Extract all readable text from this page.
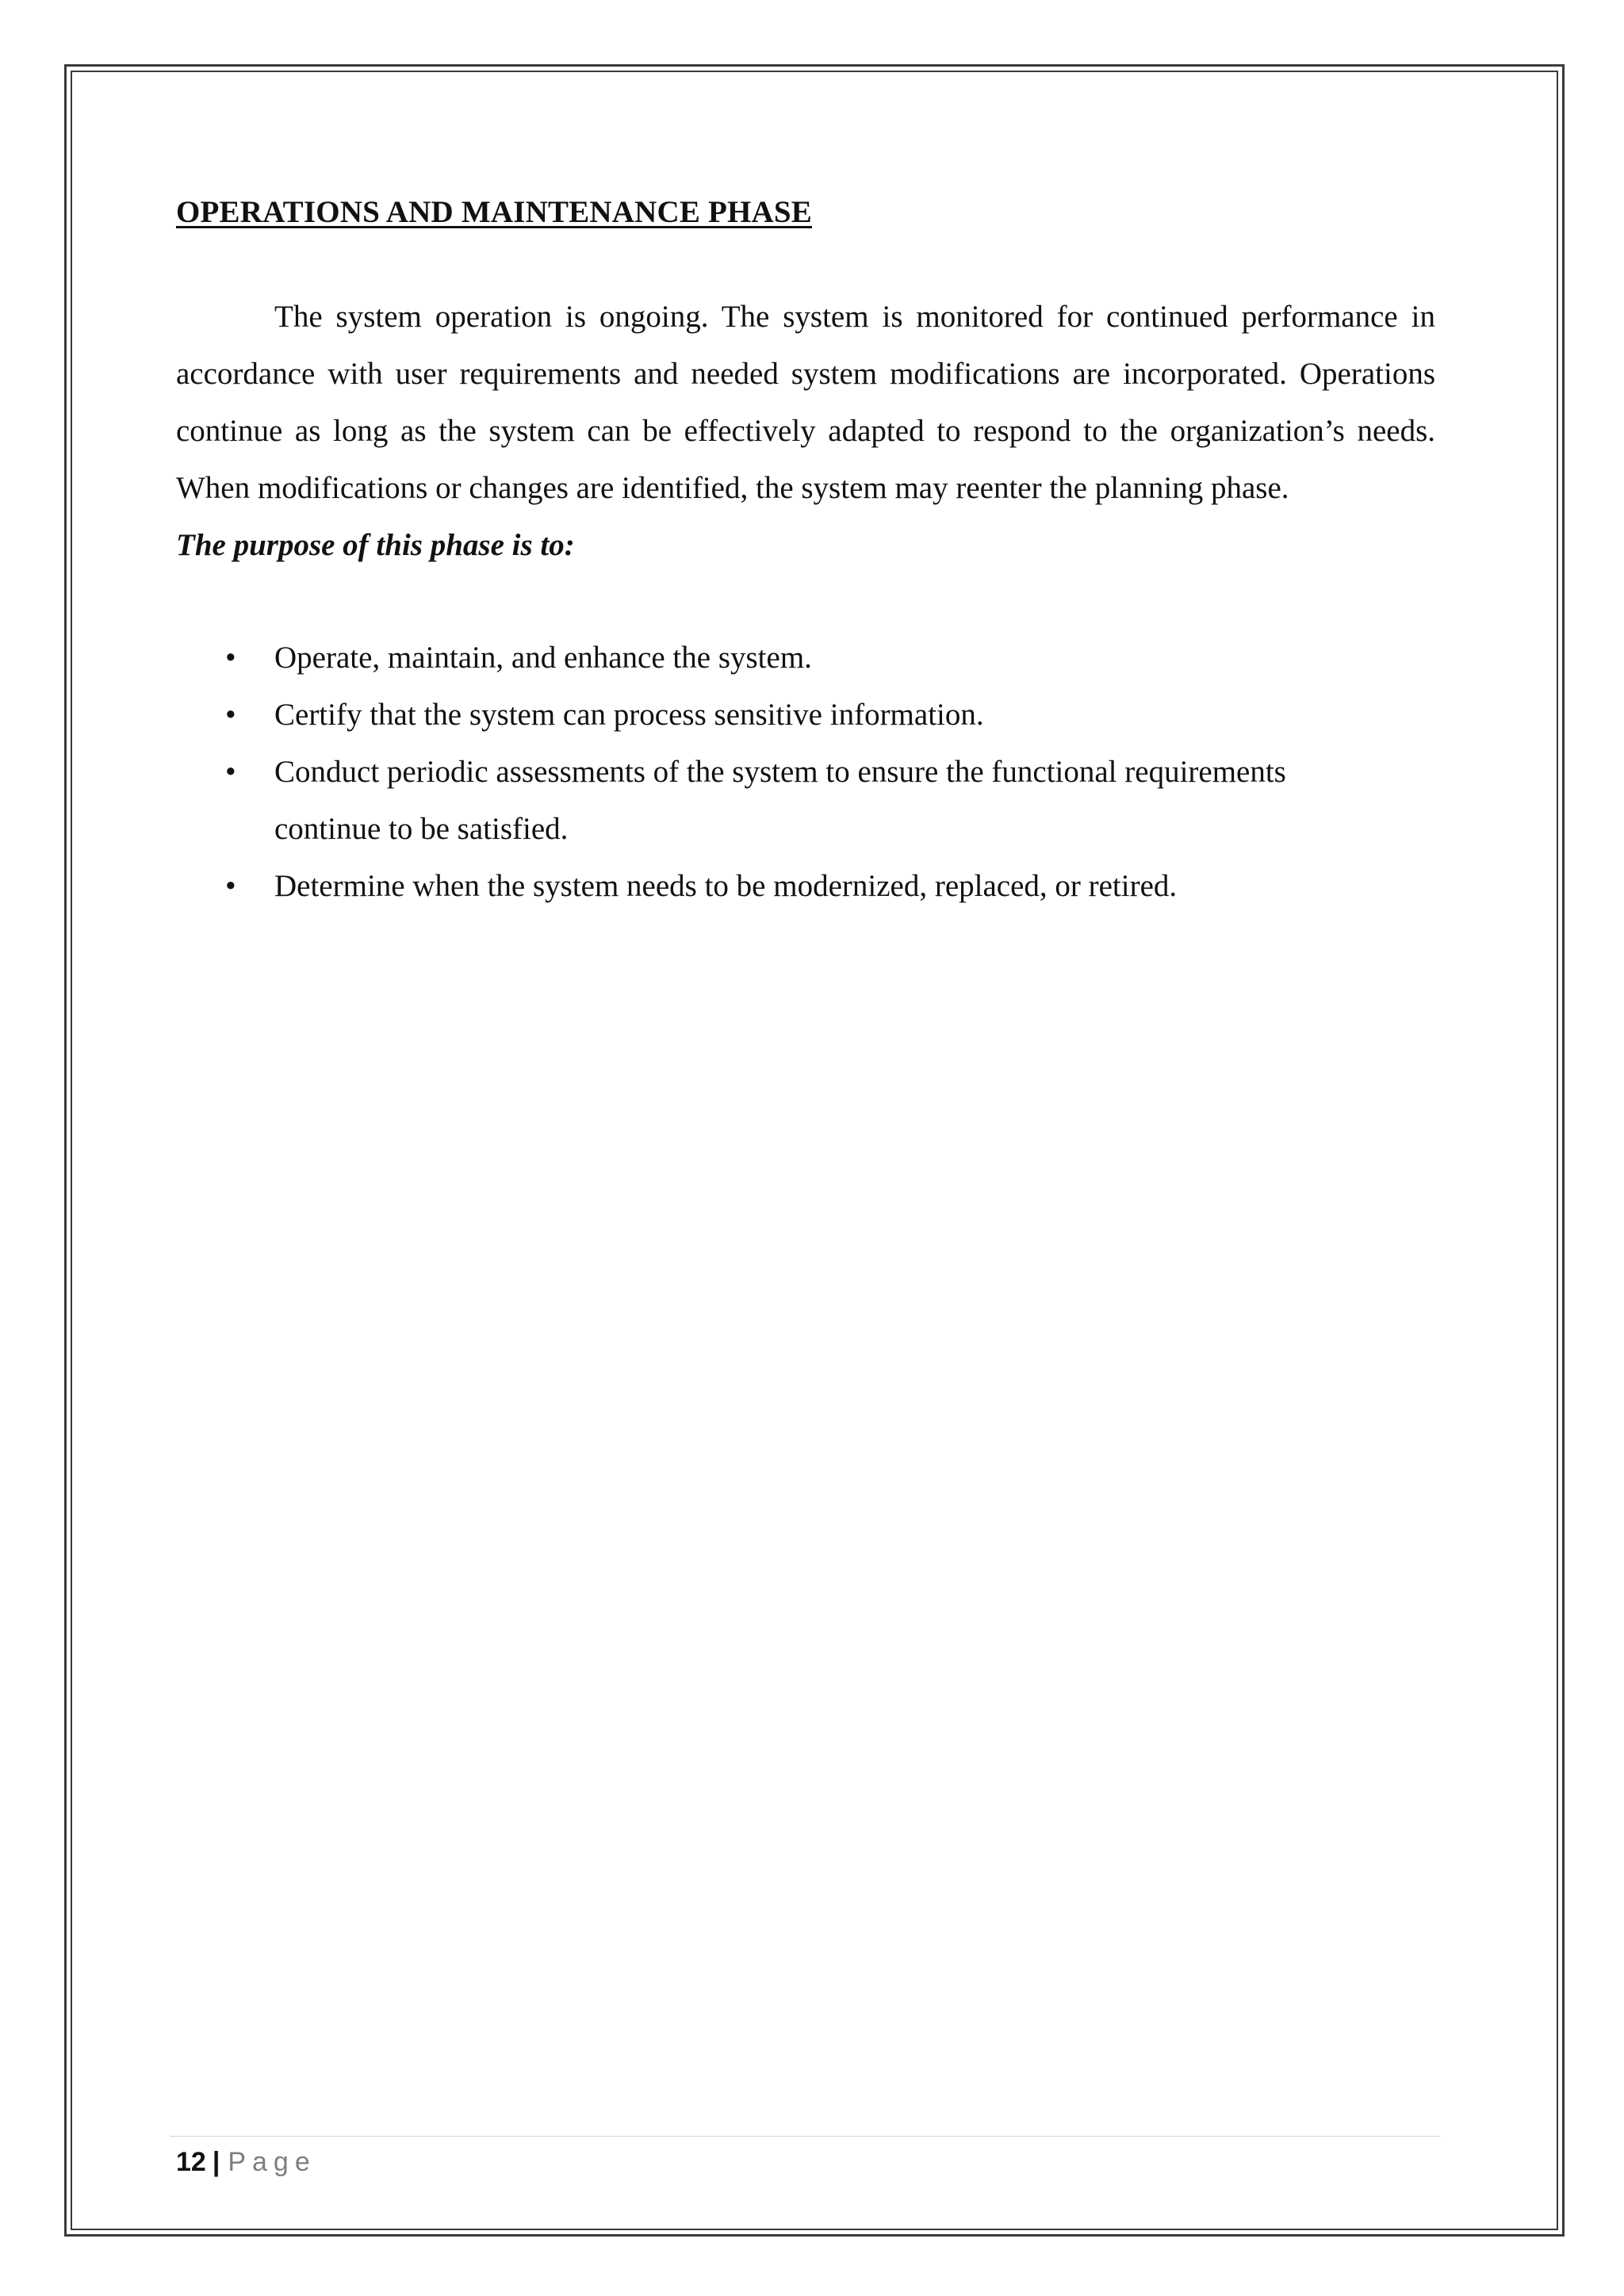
OPERATIONS AND MAINTENANCE PHASE

The system operation is ongoing. The system is monitored for continued performance in accordance with user requirements and needed system modifications are incorporated. Operations continue as long as the system can be effectively adapted to respond to the organization’s needs. When modifications or changes are identified, the system may reenter the planning phase.

The purpose of this phase is to:

• Operate, maintain, and enhance the system.
• Certify that the system can process sensitive information.
• Conduct periodic assessments of the system to ensure the functional requirements continue to be satisfied.
• Determine when the system needs to be modernized, replaced, or retired.
12 | Page
